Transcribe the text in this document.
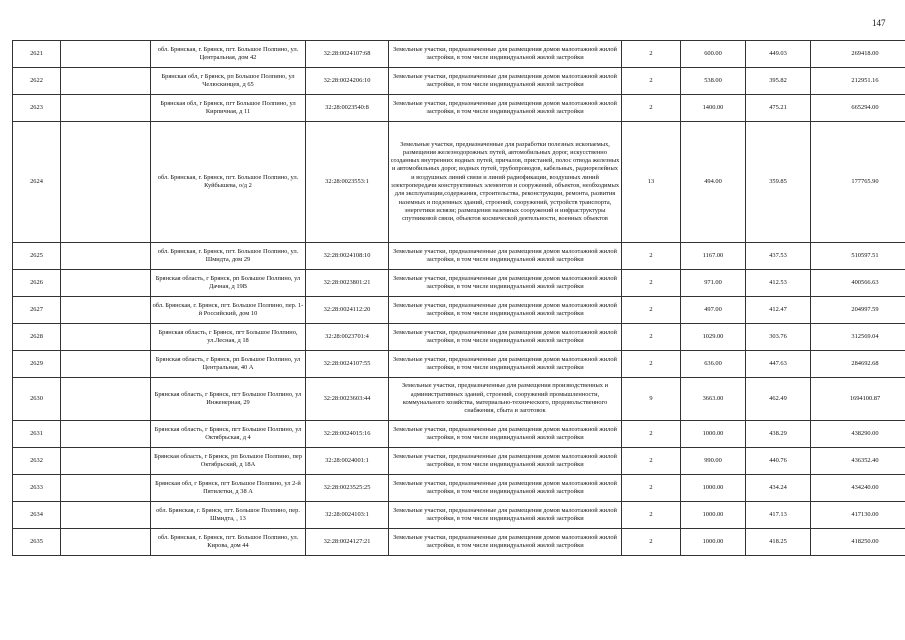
147
2621		обл. Брянская, г. Брянск, пгт. Большое Полпино, ул. Центральная, дом 42	32:28:0024107:68	Земельные участки, предназначенные для размещения домов малоэтажной жилой застройки, в том числе индивидуальной жилой застройки	2	600.00	449.03	269418.00
2622		Брянская обл, г Брянск, рп Большое Полпино, ул Челюскинцев, д 65	32:28:0024206:10	Земельные участки, предназначенные для размещения домов малоэтажной жилой застройки, в том числе индивидуальной жилой застройки	2	538.00	395.82	212951.16
2623		Брянская обл, г Брянск, пгт Большое Полпино, ул Кирпичная, д 11	32:28:0023540:8	Земельные участки, предназначенные для размещения домов малоэтажной жилой застройки, в том числе индивидуальной жилой застройки	2	1400.00	475.21	665294.00
2624		обл. Брянская, г. Брянск, пгт. Большое Полпино, ул. Куйбышева, о/д 2	32:28:0023553:1	Земельные участки, предназначенные для разработки полезных ископаемых, размещения железнодорожных путей, автомобильных дорог, искусственно созданных внутренних водных путей, причалов, пристаней, полос отвода железных и автомобильных дорог, водных путей, трубопроводов, кабельных, радиорелейных и воздушных линий связи и линий радиофикации, воздушных линий электропередачи конструктивных элементов и сооружений, объектов, необходимых для эксплуатации,содержания, строительства, реконструкции, ремонта, развития наземных и подземных зданий, строений, сооружений, устройств транспорта, энергетики исвязи; размещения наземных сооружений и инфраструктуры спутниковой связи, объектов космической деятельности, военных объектов	13	494.00	359.85	177765.90
2625		обл. Брянская, г. Брянск, пгт. Большое Полпино, ул. Шмидта, дом 29	32:28:0024108:10	Земельные участки, предназначенные для размещения домов малоэтажной жилой застройки, в том числе индивидуальной жилой застройки	2	1167.00	437.53	510597.51
2626		Брянская область, г Брянск, рп Большое Полпино, ул Дачная, д 19В	32:28:0023801:21	Земельные участки, предназначенные для размещения домов малоэтажной жилой застройки, в том числе индивидуальной жилой застройки	2	971.00	412.53	400566.63
2627		обл. Брянская, г. Брянск, пгт. Большое Полпино, пер. 1-й Российский, дом 10	32:28:0024112:20	Земельные участки, предназначенные для размещения домов малоэтажной жилой застройки, в том числе индивидуальной жилой застройки	2	497.00	412.47	204997.59
2628		Брянская область, г Брянск, пгт Большое Полпино, ул.Лесная, д 18	32:28:0023701:4	Земельные участки, предназначенные для размещения домов малоэтажной жилой застройки, в том числе индивидуальной жилой застройки	2	1029.00	303.76	312569.04
2629		Брянская область, г Брянск, рп Большое Полпино, ул Центральная, 40 А	32:28:0024107:55	Земельные участки, предназначенные для размещения домов малоэтажной жилой застройки, в том числе индивидуальной жилой застройки	2	636.00	447.63	284692.68
2630		Брянская область, г Брянск, пгт Большое Полпино, ул Инженерная, 29	32:28:0023603:44	Земельные участки, предназначенные для размещения производственных и административных зданий, строений, сооружений промышленности, коммунального хозяйства, материально-технического, продовольственного снабжения, сбыта и заготовок	9	3663.00	462.49	1694100.87
2631		Брянская область, г Брянск, пгт Большое Полпино, ул Октябрьская, д 4	32:28:0024015:16	Земельные участки, предназначенные для размещения домов малоэтажной жилой застройки, в том числе индивидуальной жилой застройки	2	1000.00	438.29	438290.00
2632		Брянская область, г Брянск, рп Большое Полпино, пер Октябрьский, д 18А	32:28:0024001:1	Земельные участки, предназначенные для размещения домов малоэтажной жилой застройки, в том числе индивидуальной жилой застройки	2	990.00	440.76	436352.40
2633		Брянская обл, г Брянск, пгт Большое Полпино, ул 2-й Пятилетки, д 38 А	32:28:0023525:25	Земельные участки, предназначенные для размещения домов малоэтажной жилой застройки, в том числе индивидуальной жилой застройки	2	1000.00	434.24	434240.00
2634		обл. Брянская, г. Брянск, пгт. Большое Полпино, пер. Шмидта, , 13	32:28:0024103:1	Земельные участки, предназначенные для размещения домов малоэтажной жилой застройки, в том числе индивидуальной жилой застройки	2	1000.00	417.13	417130.00
2635		обл. Брянская, г. Брянск, пгт. Большое Полпино, ул. Кирова, дом 44	32:28:0024127:21	Земельные участки, предназначенные для размещения домов малоэтажной жилой застройки, в том числе индивидуальной жилой застройки	2	1000.00	418.25	418250.00
